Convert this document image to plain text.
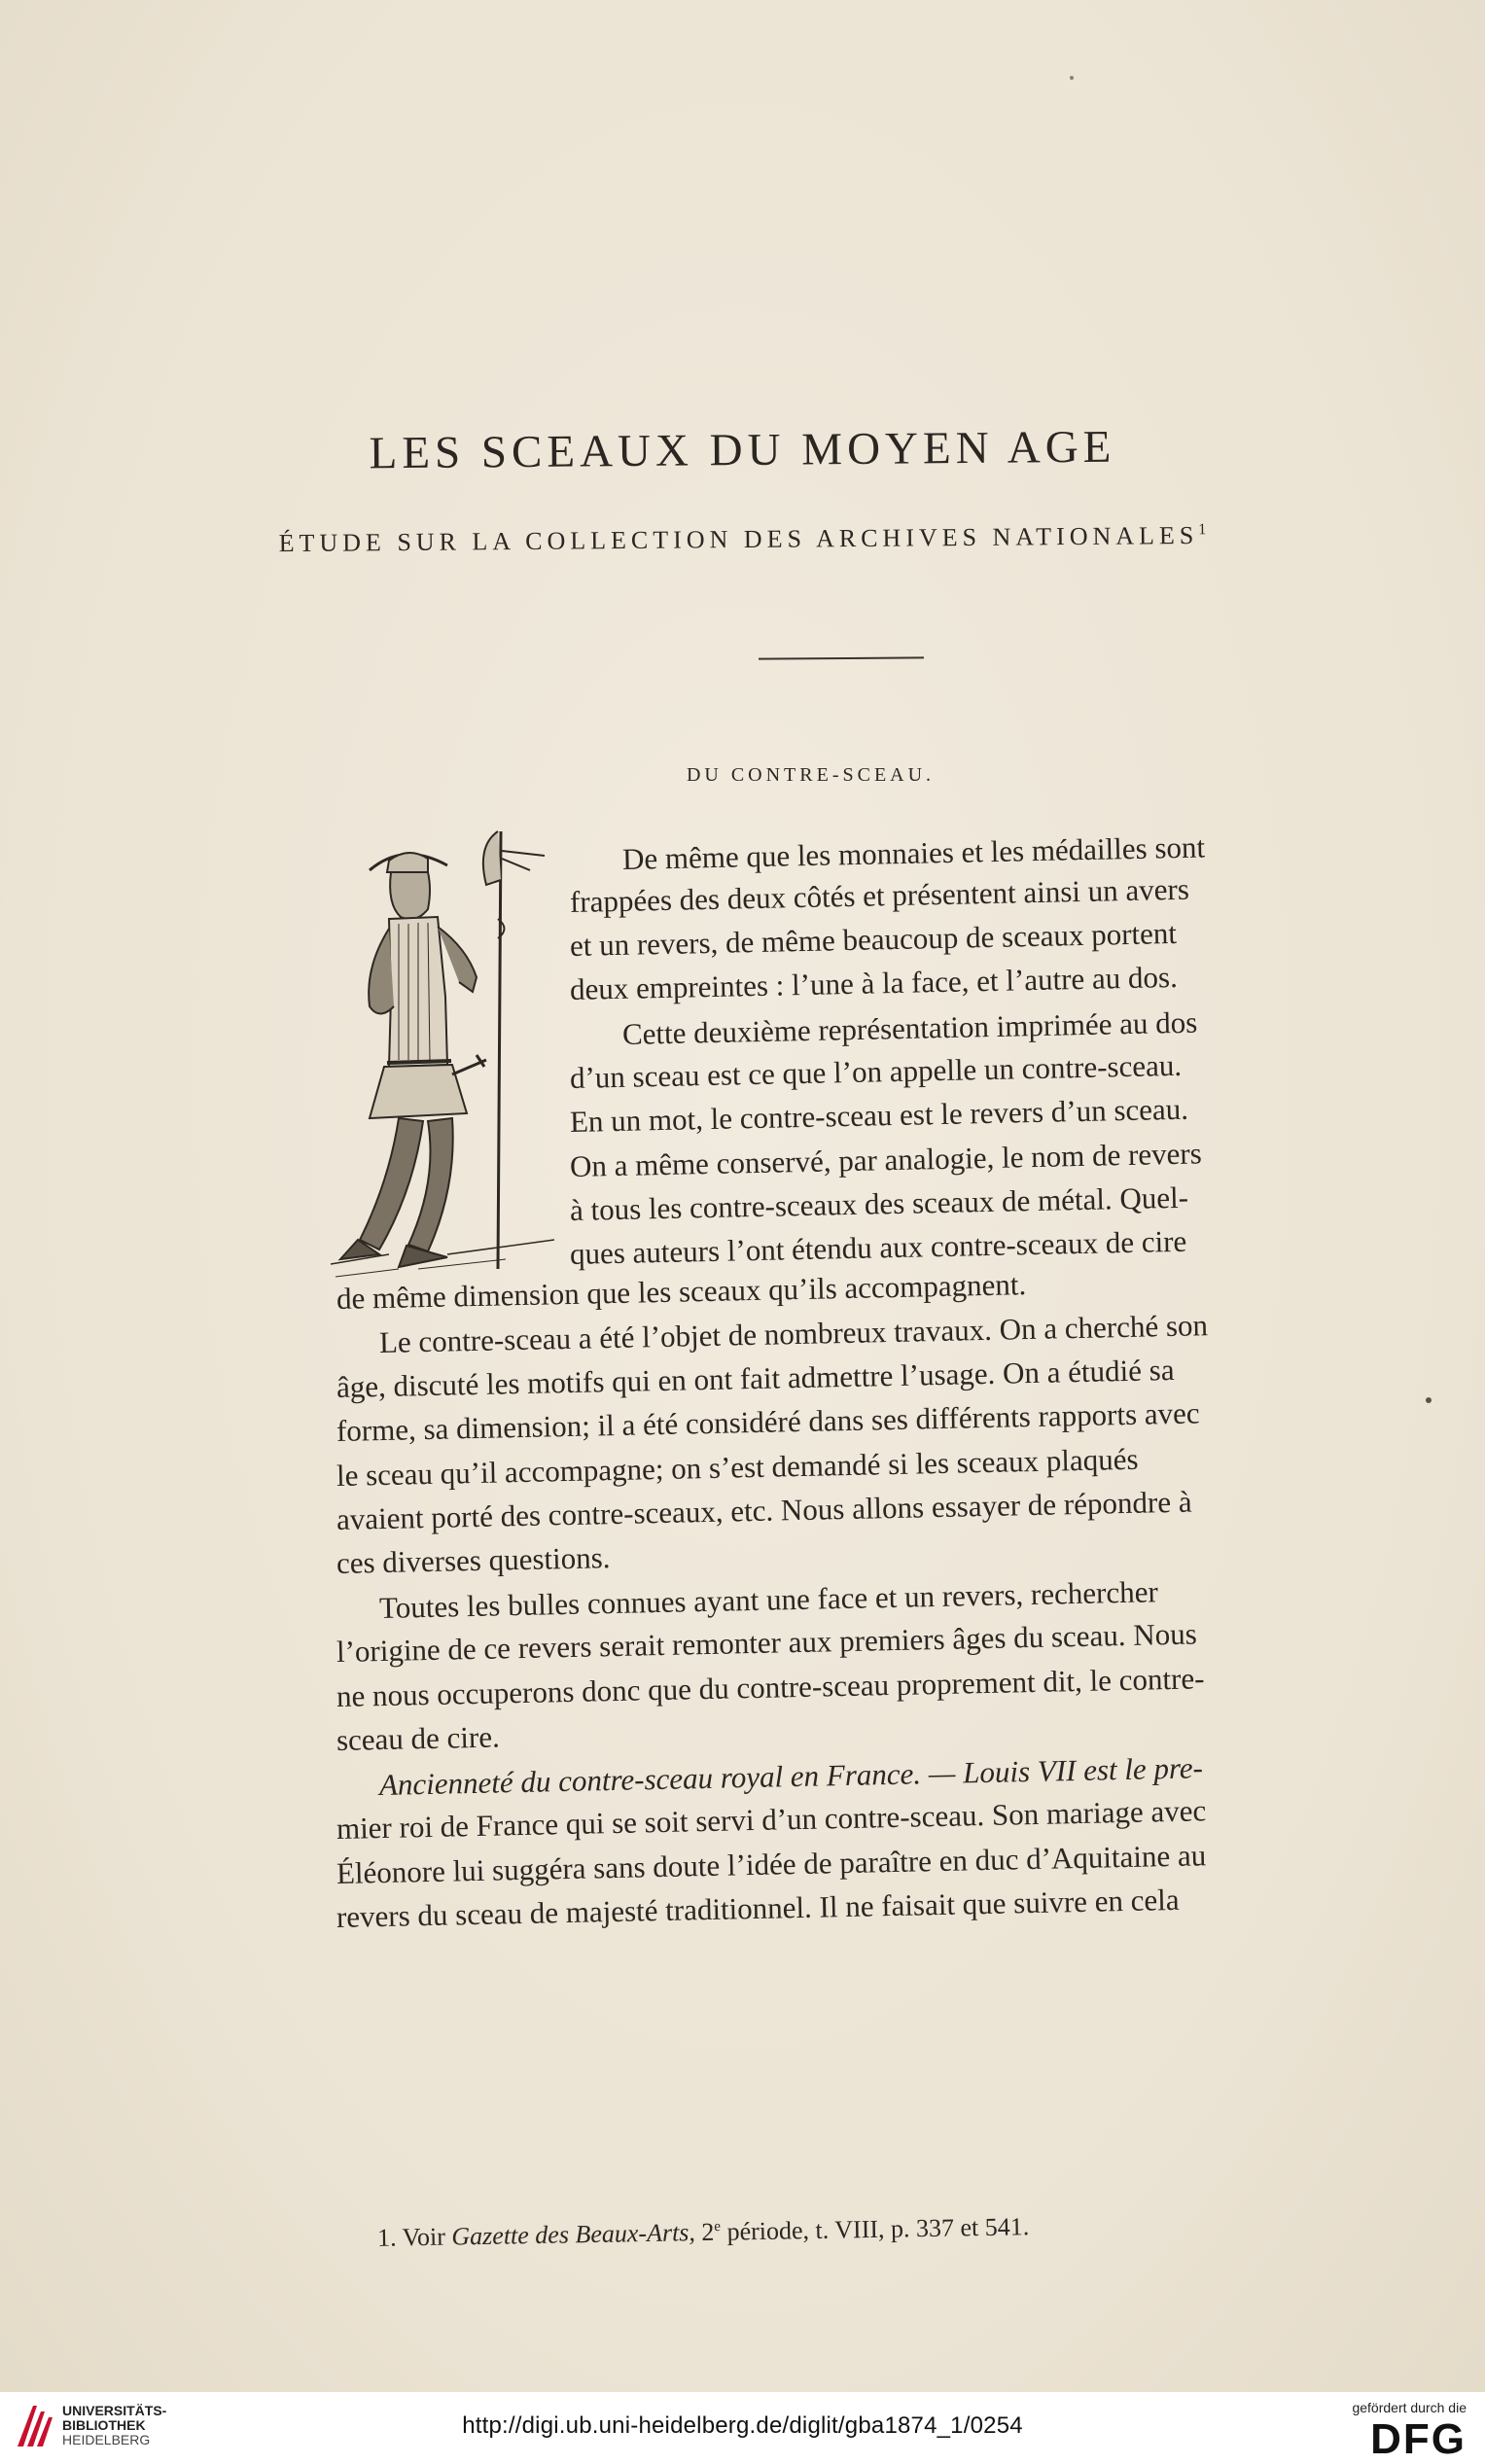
LES SCEAUX DU MOYEN AGE
ÉTUDE SUR LA COLLECTION DES ARCHIVES NATIONALES$^1$
DU CONTRE-SCEAU.
De même que les monnaies et les médailles sont
frappées des deux côtés et présentent ainsi un avers
et un revers, de même beaucoup de sceaux portent
deux empreintes : l’une à la face, et l’autre au dos.
Cette deuxième représentation imprimée au dos
d’un sceau est ce que l’on appelle un contre-sceau.
En un mot, le contre-sceau est le revers d’un sceau.
On a même conservé, par analogie, le nom de revers
à tous les contre-sceaux des sceaux de métal. Quel-
ques auteurs l’ont étendu aux contre-sceaux de cire
de même dimension que les sceaux qu’ils accompagnent.
Le contre-sceau a été l’objet de nombreux travaux. On a cherché son
âge, discuté les motifs qui en ont fait admettre l’usage. On a étudié sa
forme, sa dimension; il a été considéré dans ses différents rapports avec
le sceau qu’il accompagne; on s’est demandé si les sceaux plaqués
avaient porté des contre-sceaux, etc. Nous allons essayer de répondre à
ces diverses questions.
Toutes les bulles connues ayant une face et un revers, rechercher
l’origine de ce revers serait remonter aux premiers âges du sceau. Nous
ne nous occuperons donc que du contre-sceau proprement dit, le contre-
sceau de cire.
Ancienneté du contre-sceau royal en France. — Louis VII est le pre-
mier roi de France qui se soit servi d’un contre-sceau. Son mariage avec
Éléonore lui suggéra sans doute l’idée de paraître en duc d’Aquitaine au
revers du sceau de majesté traditionnel. Il ne faisait que suivre en cela
1. Voir Gazette des Beaux-Arts, 2e période, t. VIII, p. 337 et 541.
UNIVERSITÄTS-
BIBLIOTHEK
HEIDELBERG
http://digi.ub.uni-heidelberg.de/diglit/gba1874_1/0254
gefördert durch die
DFG
